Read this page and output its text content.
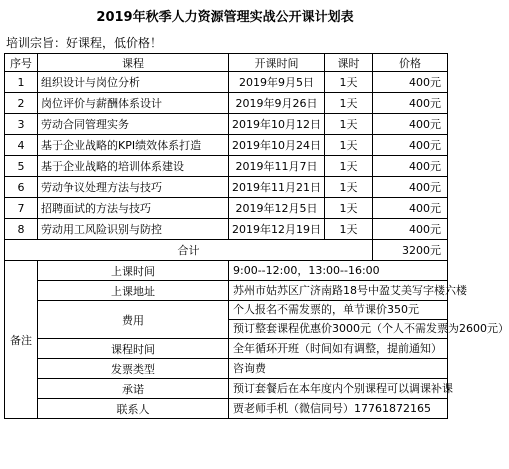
2019年秋季人力资源管理实战公开课计划表
培训宗旨：好课程，低价格！
序号	课程	开课时间	课时	价格
1	组织设计与岗位分析	2019年9月5日	1天	400元
2	岗位评价与薪酬体系设计	2019年9月26日	1天	400元
3	劳动合同管理实务	2019年10月12日	1天	400元
4	基于企业战略的KPI绩效体系打造	2019年10月24日	1天	400元
5	基于企业战略的培训体系建设	2019年11月7日	1天	400元
6	劳动争议处理方法与技巧	2019年11月21日	1天	400元
7	招聘面试的方法与技巧	2019年12月5日	1天	400元
8	劳动用工风险识别与防控	2019年12月19日	1天	400元
合计				3200元
备注	上课时间	9:00--12:00，13:00--16:00		
	上课地址	苏州市姑苏区广济南路18号中盈艾美写字楼六楼		
	费用	个人报名不需发票的，单节课价350元		
		预订整套课程优惠价3000元（个人不需发票为2600元）		
	课程时间	全年循环开班（时间如有调整，提前通知）		
	发票类型	咨询费		
	承诺	预订套餐后在本年度内个别课程可以调课补课		
	联系人	贾老师手机（微信同号）17761872165		
